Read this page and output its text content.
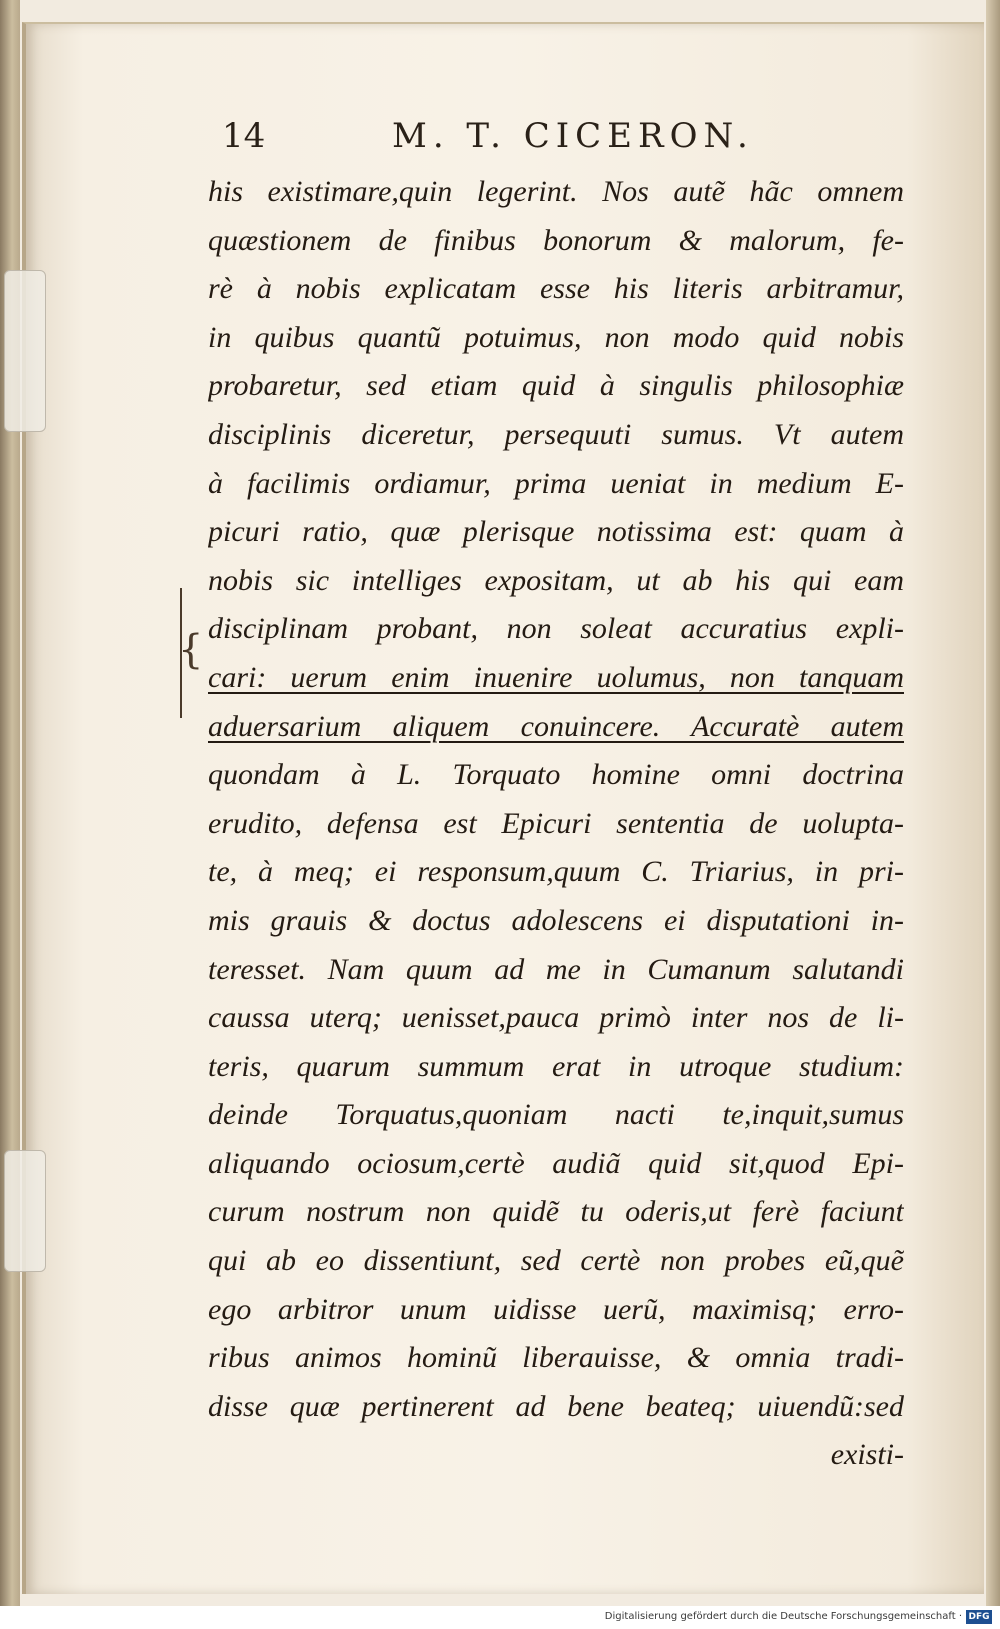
14	M. T. CICERON.
{
his existimare,quin legerint. Nos autẽ hãc omnem
quæstionem de finibus bonorum & malorum, fe-
rè à nobis explicatam esse his literis arbitramur,
in quibus quantũ potuimus, non modo quid nobis
probaretur, sed etiam quid à singulis philosophiæ
disciplinis diceretur, persequuti sumus. Vt autem
à facilimis ordiamur, prima ueniat in medium E-
picuri ratio, quæ plerisque notissima est: quam à
nobis sic intelliges expositam, ut ab his qui eam
disciplinam probant, non soleat accuratius expli-
cari: uerum enim inuenire uolumus, non tanquam
aduersarium aliquem conuincere. Accuratè autem
quondam à L. Torquato homine omni doctrina
erudito, defensa est Epicuri sententia de uolupta-
te, à meq; ei responsum,quum C. Triarius, in pri-
mis grauis & doctus adolescens ei disputationi in-
teresset. Nam quum ad me in Cumanum salutandi
caussa uterq; uenisset,pauca primò inter nos de li-
teris, quarum summum erat in utroque studium:
deinde Torquatus,quoniam nacti te,inquit,sumus
aliquando ociosum,certè audiã quid sit,quod Epi-
curum nostrum non quidẽ tu oderis,ut ferè faciunt
qui ab eo dissentiunt, sed certè non probes eũ,quẽ
ego arbitror unum uidisse uerũ, maximisq; erro-
ribus animos hominũ liberauisse, & omnia tradi-
disse quæ pertinerent ad bene beateq; uiuendũ:sed
existi-
Digitalisierung gefördert durch die Deutsche Forschungsgemeinschaft · DFG
